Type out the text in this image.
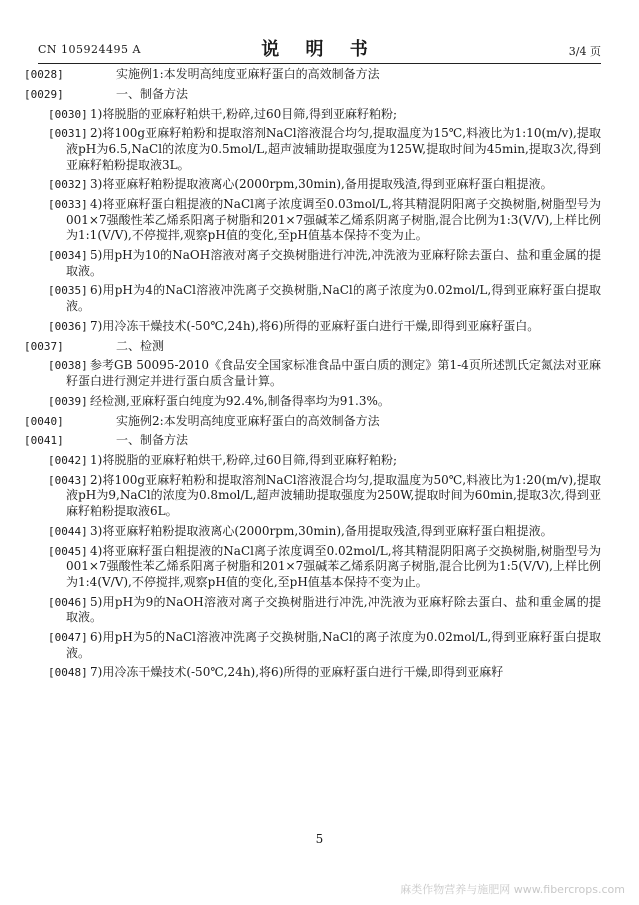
CN 105924495 A	说 明 书	3/4 页
[0028]	实施例1:本发明高纯度亚麻籽蛋白的高效制备方法
[0029]	一、制备方法
[0030] 1)将脱脂的亚麻籽粕烘干,粉碎,过60目筛,得到亚麻籽粕粉;
[0031] 2)将100g亚麻籽粕粉和提取溶剂NaCl溶液混合均匀,提取温度为15℃,料液比为1:10(m/v),提取液pH为6.5,NaCl的浓度为0.5mol/L,超声波辅助提取强度为125W,提取时间为45min,提取3次,得到亚麻籽粕粉提取液3L。
[0032] 3)将亚麻籽粕粉提取液离心(2000rpm,30min),备用提取残渣,得到亚麻籽蛋白粗提液。
[0033] 4)将亚麻籽蛋白粗提液的NaCl离子浓度调至0.03mol/L,将其精混阴阳离子交换树脂,树脂型号为001×7强酸性苯乙烯系阳离子树脂和201×7强碱苯乙烯系阴离子树脂,混合比例为1:3(V/V),上样比例为1:1(V/V),不停搅拌,观察pH值的变化,至pH值基本保持不变为止。
[0034] 5)用pH为10的NaOH溶液对离子交换树脂进行冲洗,冲洗液为亚麻籽除去蛋白、盐和重金属的提取液。
[0035] 6)用pH为4的NaCl溶液冲洗离子交换树脂,NaCl的离子浓度为0.02mol/L,得到亚麻籽蛋白提取液。
[0036] 7)用冷冻干燥技术(-50℃,24h),将6)所得的亚麻籽蛋白进行干燥,即得到亚麻籽蛋白。
[0037]	二、检测
[0038] 参考GB 50095-2010《食品安全国家标准食品中蛋白质的测定》第1-4页所述凯氏定氮法对亚麻籽蛋白进行测定并进行蛋白质含量计算。
[0039] 经检测,亚麻籽蛋白纯度为92.4%,制备得率均为91.3%。
[0040]	实施例2:本发明高纯度亚麻籽蛋白的高效制备方法
[0041]	一、制备方法
[0042] 1)将脱脂的亚麻籽粕烘干,粉碎,过60目筛,得到亚麻籽粕粉;
[0043] 2)将100g亚麻籽粕粉和提取溶剂NaCl溶液混合均匀,提取温度为50℃,料液比为1:20(m/v),提取液pH为9,NaCl的浓度为0.8mol/L,超声波辅助提取强度为250W,提取时间为60min,提取3次,得到亚麻籽粕粉提取液6L。
[0044] 3)将亚麻籽粕粉提取液离心(2000rpm,30min),备用提取残渣,得到亚麻籽蛋白粗提液。
[0045] 4)将亚麻籽蛋白粗提液的NaCl离子浓度调至0.02mol/L,将其精混阴阳离子交换树脂,树脂型号为001×7强酸性苯乙烯系阳离子树脂和201×7强碱苯乙烯系阴离子树脂,混合比例为1:5(V/V),上样比例为1:4(V/V),不停搅拌,观察pH值的变化,至pH值基本保持不变为止。
[0046] 5)用pH为9的NaOH溶液对离子交换树脂进行冲洗,冲洗液为亚麻籽除去蛋白、盐和重金属的提取液。
[0047] 6)用pH为5的NaCl溶液冲洗离子交换树脂,NaCl的离子浓度为0.02mol/L,得到亚麻籽蛋白提取液。
[0048] 7)用冷冻干燥技术(-50℃,24h),将6)所得的亚麻籽蛋白进行干燥,即得到亚麻籽
5
麻类作物营养与施肥网 www.fibercrops.com
